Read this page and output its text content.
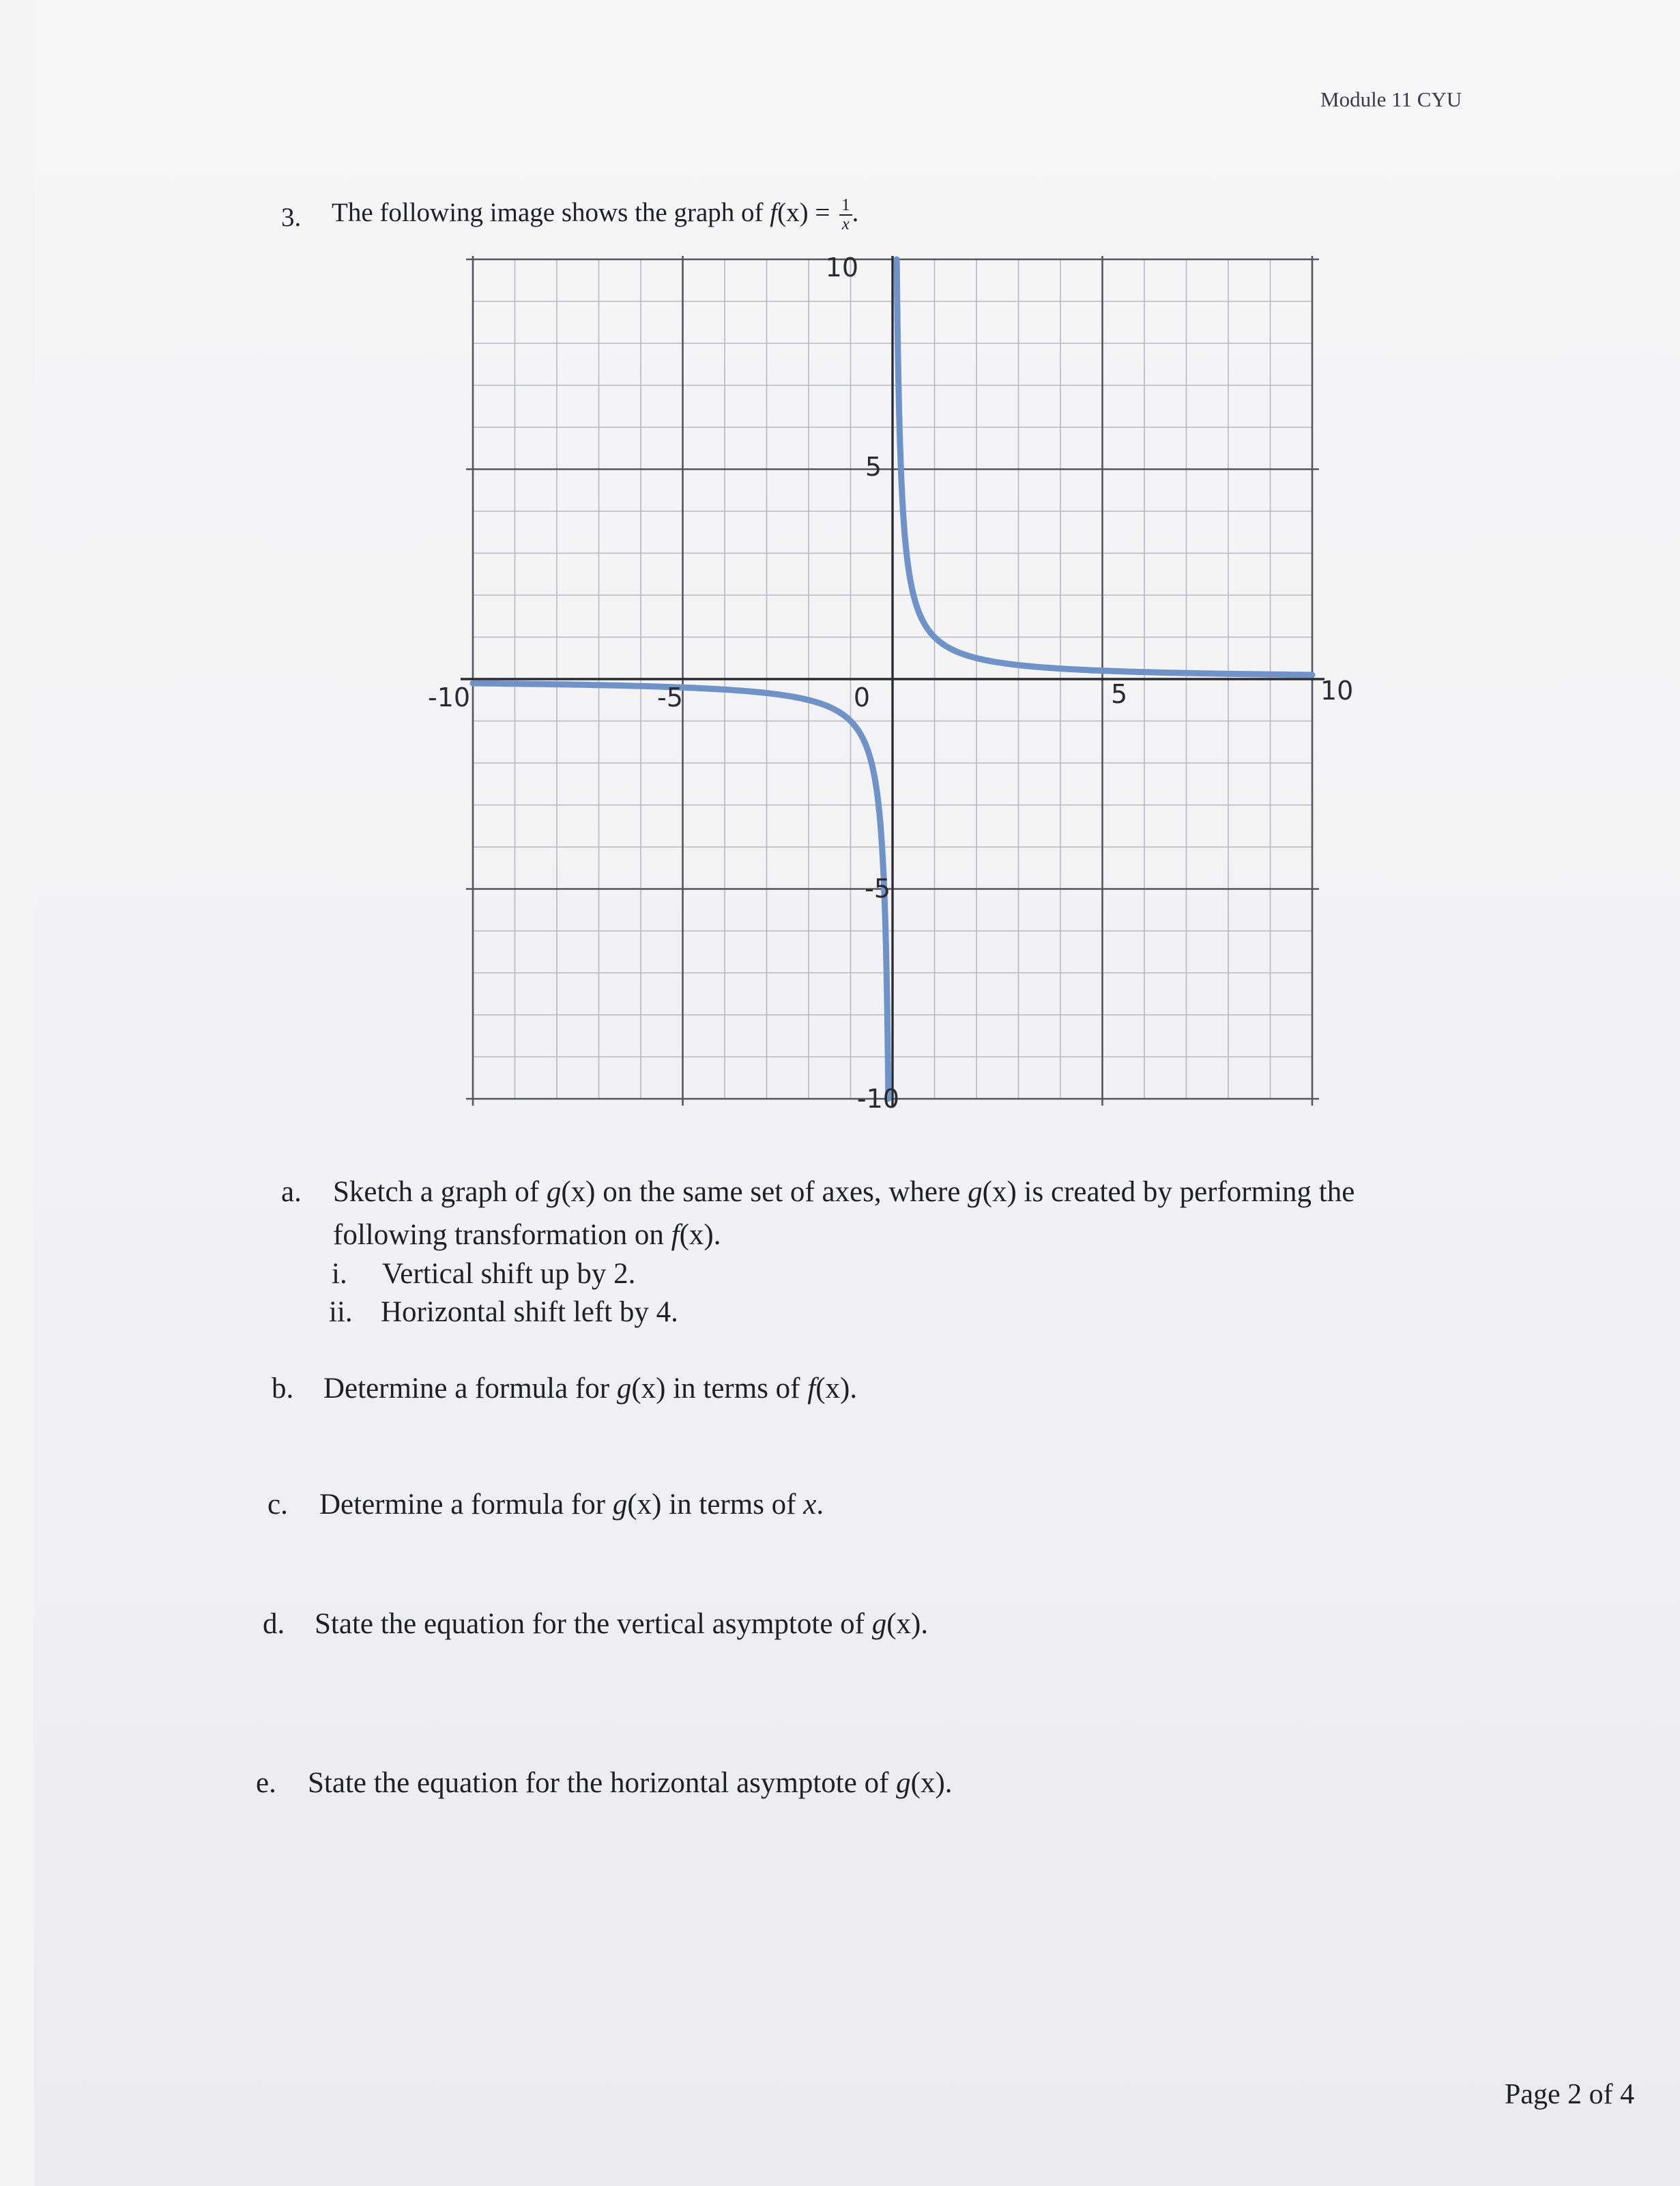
Module 11 CYU
3. The following image shows the graph of $f(x) = \frac{1}{x}$ .
10
5
0
-5
-10
-10	-5	5	10
a. Sketch a graph of g(x) on the same set of axes, where g(x) is created by performing the
following transformation on f(x).
i. Vertical shift up by 2.
ii. Horizontal shift left by 4.
b. Determine a formula for g(x) in terms of f(x).
c. Determine a formula for g(x) in terms of x.
d. State the equation for the vertical asymptote of g(x).
e. State the equation for the horizontal asymptote of g(x).
Page 2 of 4
